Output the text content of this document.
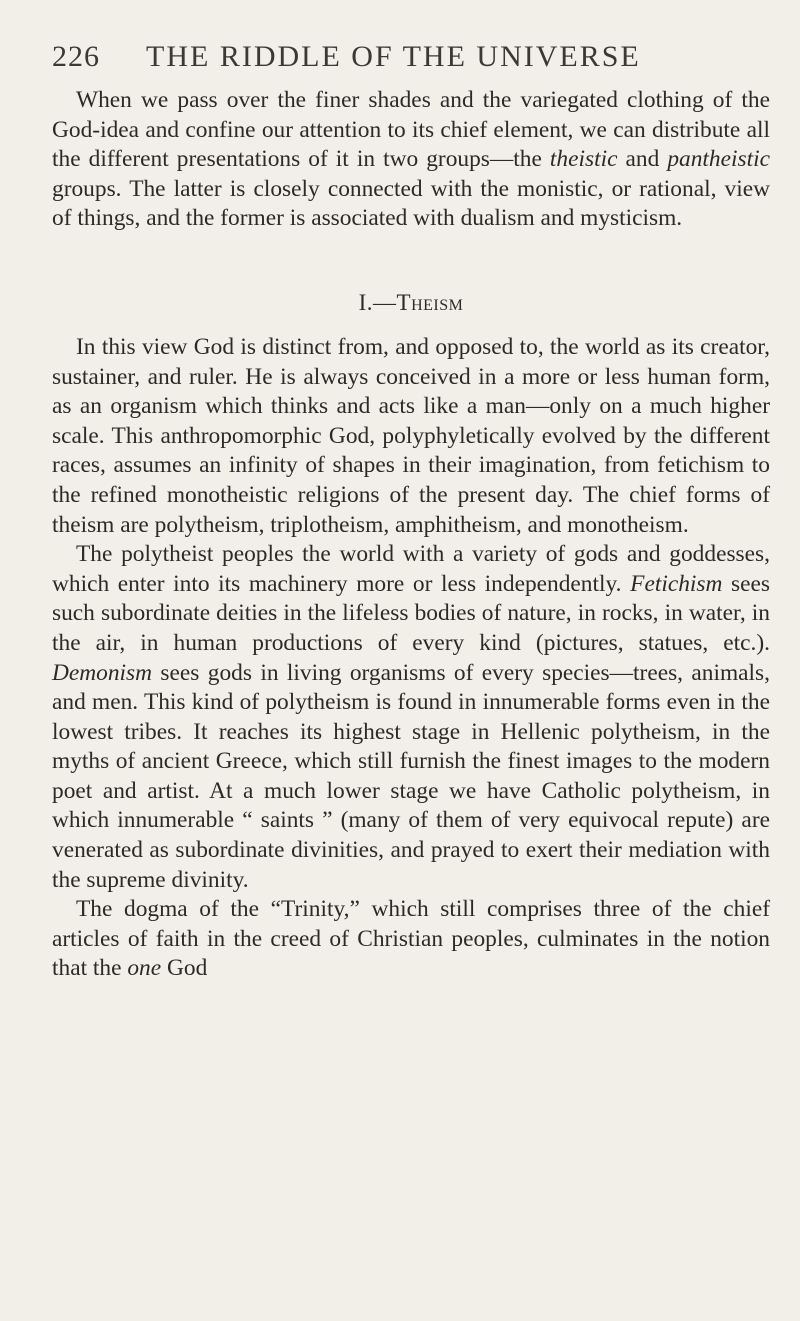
226 THE RIDDLE OF THE UNIVERSE

When we pass over the finer shades and the variegated clothing of the God-idea and confine our attention to its chief element, we can distribute all the different presentations of it in two groups—the theistic and pantheistic groups. The latter is closely connected with the monistic, or rational, view of things, and the former is associated with dualism and mysticism.

I.—Theism

In this view God is distinct from, and opposed to, the world as its creator, sustainer, and ruler. He is always conceived in a more or less human form, as an organism which thinks and acts like a man—only on a much higher scale. This anthropomorphic God, polyphyletically evolved by the different races, assumes an infinity of shapes in their imagination, from fetichism to the refined monotheistic religions of the present day. The chief forms of theism are polytheism, triplotheism, amphitheism, and monotheism.

The polytheist peoples the world with a variety of gods and goddesses, which enter into its machinery more or less independently. Fetichism sees such subordinate deities in the lifeless bodies of nature, in rocks, in water, in the air, in human productions of every kind (pictures, statues, etc.). Demonism sees gods in living organisms of every species—trees, animals, and men. This kind of polytheism is found in innumerable forms even in the lowest tribes. It reaches its highest stage in Hellenic polytheism, in the myths of ancient Greece, which still furnish the finest images to the modern poet and artist. At a much lower stage we have Catholic polytheism, in which innumerable “ saints ” (many of them of very equivocal repute) are venerated as subordinate divinities, and prayed to exert their mediation with the supreme divinity.

The dogma of the “Trinity,” which still comprises three of the chief articles of faith in the creed of Christian peoples, culminates in the notion that the one God
